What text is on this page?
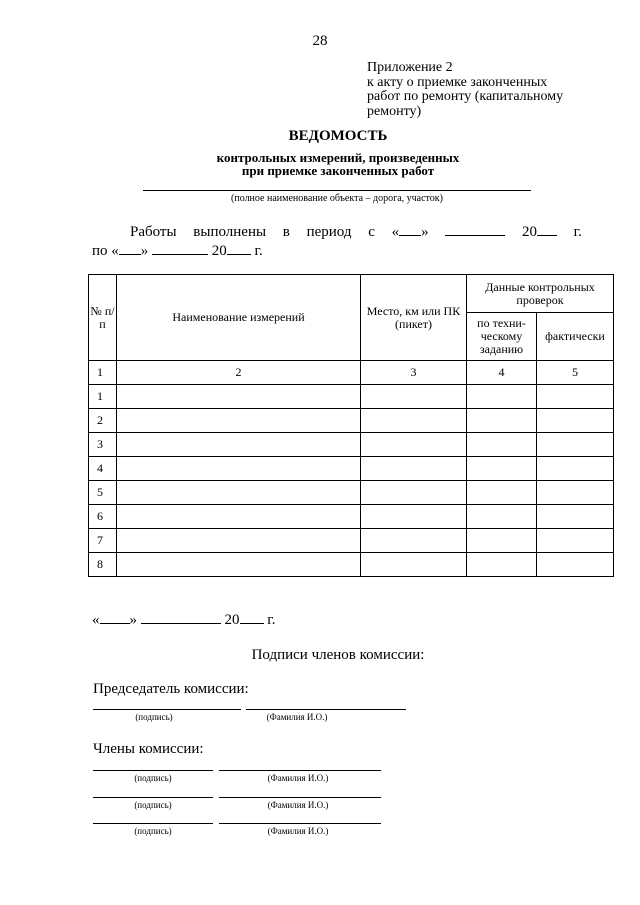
28
Приложение 2
к акту о приемке законченных
работ по ремонту (капитальному
ремонту)
ВЕДОМОСТЬ
контрольных измерений, произведенных
при приемке законченных работ
(полное наименование объекта – дорога, участок)
Работы выполнены в период с « »	20	г.
по « »	20 г.
№ п/п	Наименование измерений	Место, км или ПК (пикет)	Данные контрольных проверок	
			по техни-ческому заданию	фактически
1	2	3	4	5
1				
2				
3				
4				
5				
6				
7				
8				
« »	20 г.
Подписи членов комиссии:
Председатель комиссии:
(подпись)	(Фамилия И.О.)
Члены комиссии:
(подпись)	(Фамилия И.О.)
(подпись)	(Фамилия И.О.)
(подпись)	(Фамилия И.О.)
